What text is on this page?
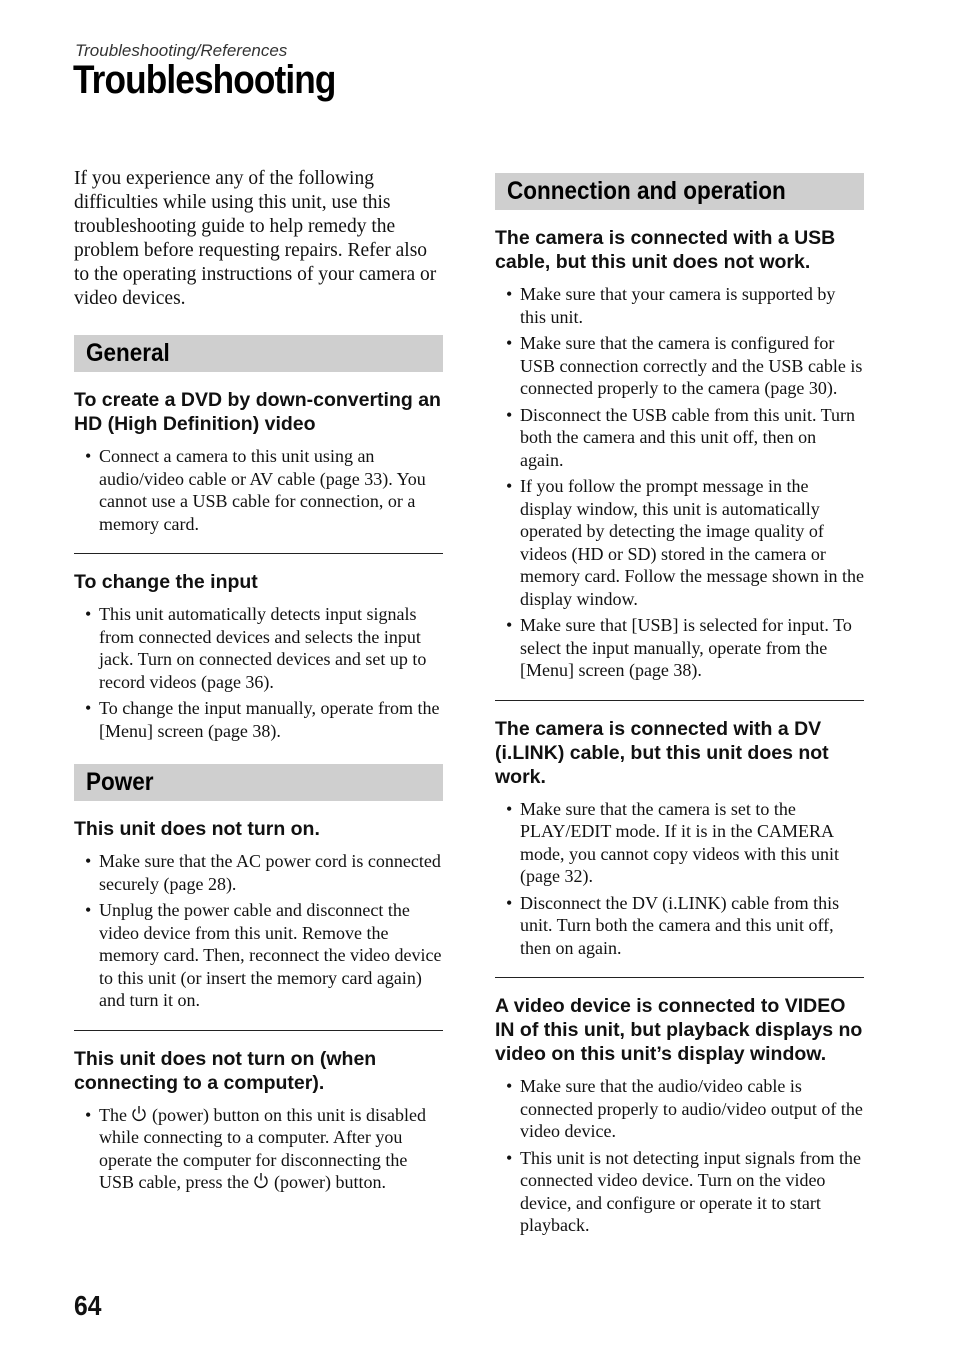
Troubleshooting/References
Troubleshooting

If you experience any of the following difficulties while using this unit, use this troubleshooting guide to help remedy the problem before requesting repairs. Refer also to the operating instructions of your camera or video devices.

General
To create a DVD by down-converting an HD (High Definition) video
• Connect a camera to this unit using an audio/video cable or AV cable (page 33). You cannot use a USB cable for connection, or a memory card.
To change the input
• This unit automatically detects input signals from connected devices and selects the input jack. Turn on connected devices and set up to record videos (page 36).
• To change the input manually, operate from the [Menu] screen (page 38).
Power
This unit does not turn on.
• Make sure that the AC power cord is connected securely (page 28).
• Unplug the power cable and disconnect the video device from this unit. Remove the memory card. Then, reconnect the video device to this unit (or insert the memory card again) and turn it on.
This unit does not turn on (when connecting to a computer).
• The  (power) button on this unit is disabled while connecting to a computer. After you operate the computer for disconnecting the USB cable, press the  (power) button.
Connection and operation
The camera is connected with a USB cable, but this unit does not work.
• Make sure that your camera is supported by this unit.
• Make sure that the camera is configured for USB connection correctly and the USB cable is connected properly to the camera (page 30).
• Disconnect the USB cable from this unit. Turn both the camera and this unit off, then on again.
• If you follow the prompt message in the display window, this unit is automatically operated by detecting the image quality of videos (HD or SD) stored in the camera or memory card. Follow the message shown in the display window.
• Make sure that [USB] is selected for input. To select the input manually, operate from the [Menu] screen (page 38).
The camera is connected with a DV (i.LINK) cable, but this unit does not work.
• Make sure that the camera is set to the PLAY/EDIT mode. If it is in the CAMERA mode, you cannot copy videos with this unit (page 32).
• Disconnect the DV (i.LINK) cable from this unit. Turn both the camera and this unit off, then on again.
A video device is connected to VIDEO IN of this unit, but playback displays no video on this unit’s display window.
• Make sure that the audio/video cable is connected properly to audio/video output of the video device.
• This unit is not detecting input signals from the connected video device. Turn on the video device, and configure or operate it to start playback.
64
